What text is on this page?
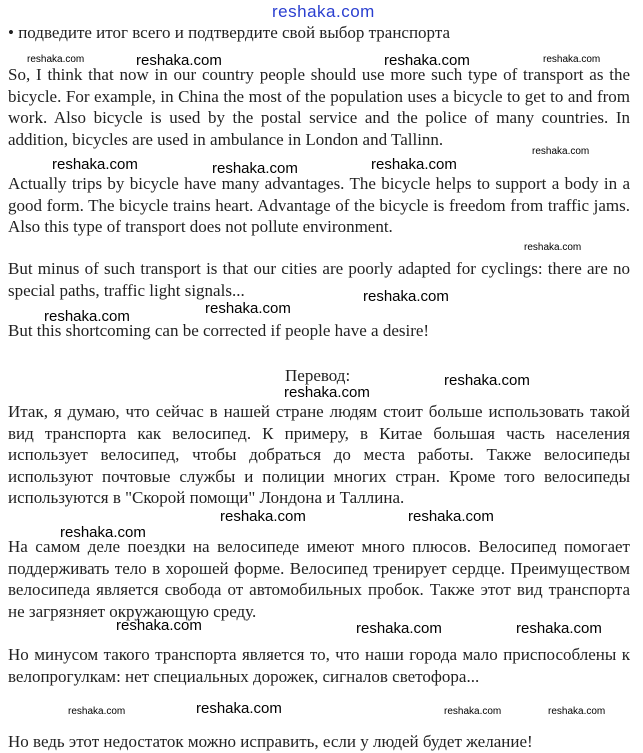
reshaka.com
• подведите итог всего и подтвердите свой выбор транспорта

So, I think that now in our country people should use more such type of transport as the bicycle. For example, in China the most of the population uses a bicycle to get to and from work. Also bicycle is used by the postal service and the police of many countries. In addition, bicycles are used in ambulance in London and Tallinn.

Actually trips by bicycle have many advantages. The bicycle helps to support a body in a good form. The bicycle trains heart. Advantage of the bicycle is freedom from traffic jams. Also this type of transport does not pollute environment.

But minus of such transport is that our cities are poorly adapted for cyclings: there are no special paths, traffic light signals...

But this shortcoming can be corrected if people have a desire!

Перевод:

Итак, я думаю, что сейчас в нашей стране людям стоит больше использовать такой вид транспорта как велосипед. К примеру, в Китае большая часть населения использует велосипед, чтобы добраться до места работы. Также велосипеды используют почтовые службы и полиции многих стран. Кроме того велосипеды используются в "Скорой помощи" Лондона и Таллина.

На самом деле поездки на велосипеде имеют много плюсов. Велосипед помогает поддерживать тело в хорошей форме. Велосипед тренирует сердце. Преимуществом велосипеда является свобода от автомобильных пробок. Также этот вид транспорта не загрязняет окружающую среду.

Но минусом такого транспорта является то, что наши города мало приспособлены к велопрогулкам: нет специальных дорожек, сигналов светофора...

Но ведь этот недостаток можно исправить, если у людей будет желание!

reshaka.com	reshaka.com	reshaka.com	reshaka.com
reshaka.com
reshaka.com	reshaka.com	reshaka.com
reshaka.com
reshaka.com
reshaka.com
reshaka.com
reshaka.com
reshaka.com
reshaka.com
reshaka.com	reshaka.com
reshaka.com	reshaka.com	reshaka.com
reshaka.com	reshaka.com	reshaka.com	reshaka.com
